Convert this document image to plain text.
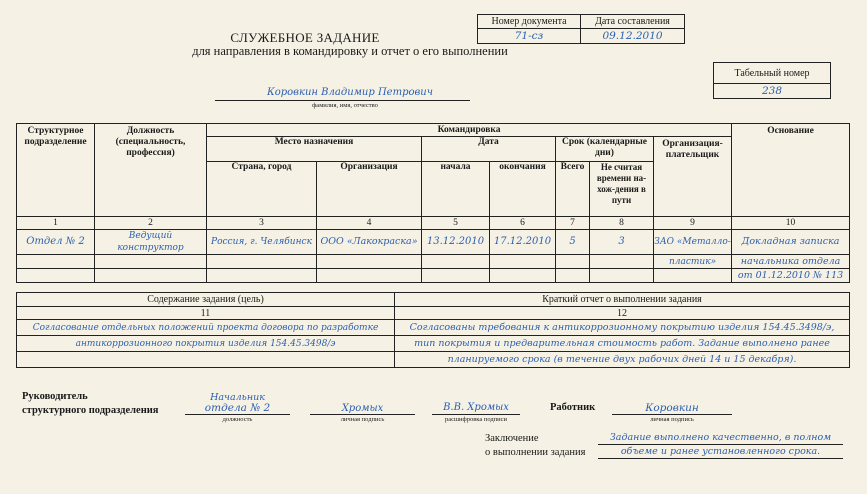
СЛУЖЕБНОЕ ЗАДАНИЕ
для направления в командировку и отчет о его выполнении
Номер документа	Дата составления
71-сз	09.12.2010
Табельный номер
238
Коровкин Владимир Петрович
фамилия, имя, отчество
Структурное подразделение	Должность (специальность, профессия)	Командировка							Основание
		Место назначения		Дата		Срок (календарные дни)		Организация-плательщик	
		Страна, город	Организация	начала	окончания	Всего	Не считая времени на-хож-дения в пути		
1	2	3	4	5	6	7	8	9	10
Отдел № 2	Ведущий конструктор	Россия, г. Челябинск	ООО «Лакокраска»	13.12.2010	17.12.2010	5	3	ЗАО «Металло-	Докладная записка
								пластик»	начальника отдела
									от 01.12.2010 № 113
Содержание задания (цель)	Краткий отчет о выполнении задания
11	12
Согласование отдельных положений проекта договора по разработке	Согласованы требования к антикоррозионному покрытию изделия 154.45.3498/э,
антикоррозионного покрытия изделия 154.45.3498/э	тип покрытия и предварительная стоимость работ. Задание выполнено ранее
	планируемого срока (в течение двух рабочих дней 14 и 15 декабря).
Руководитель
структурного подразделения
Начальник
отдела № 2
должность
Хромых
личная подпись
В.В. Хромых
расшифровка подписи
Работник	Коровкин
личная подпись
Заключение
о выполнении задания
Задание выполнено качественно, в полном
объеме и ранее установленного срока.
